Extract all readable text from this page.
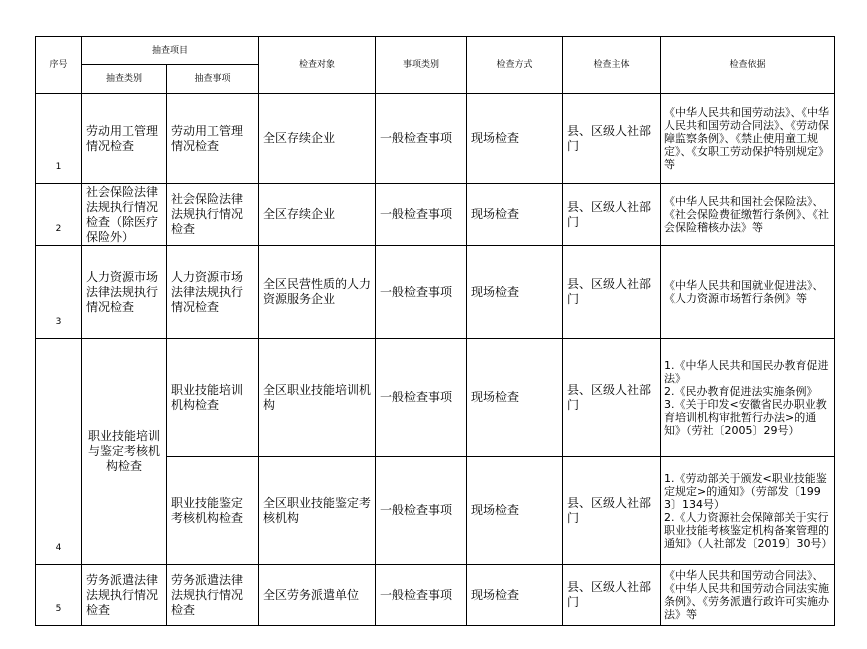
序号	抽查项目		检查对象	事项类别	检查方式	检查主体	检查依据
	抽查类别	抽查事项					
1	劳动用工管理情况检查	劳动用工管理情况检查	全区存续企业	一般检查事项	现场检查	县、区级人社部门	《中华人民共和国劳动法》、《中华人民共和国劳动合同法》、《劳动保障监察条例》、《禁止使用童工规定》、《女职工劳动保护特别规定》等

2	社会保险法律法规执行情况检查（除医疗保险外）	社会保险法律法规执行情况检查	全区存续企业	一般检查事项	现场检查	县、区级人社部门	《中华人民共和国社会保险法》、《社会保险费征缴暂行条例》、《社会保险稽核办法》等

3	人力资源市场法律法规执行情况检查	人力资源市场法律法规执行情况检查	全区民营性质的人力资源服务企业	一般检查事项	现场检查	县、区级人社部门	《中华人民共和国就业促进法》、《人力资源市场暂行条例》等

4	职业技能培训与鉴定考核机构检查	职业技能培训机构检查	全区职业技能培训机构	一般检查事项	现场检查	县、区级人社部门	1.《中华人民共和国民办教育促进法》
2.《民办教育促进法实施条例》
3.《关于印发<安徽省民办职业教育培训机构审批暂行办法>的通知》（劳社〔2005〕29号）

		职业技能鉴定考核机构检查	全区职业技能鉴定考核机构	一般检查事项	现场检查	县、区级人社部门	1.《劳动部关于颁发<职业技能鉴定规定>的通知》（劳部发〔1993〕134号）
2.《人力资源社会保障部关于实行职业技能考核鉴定机构备案管理的通知》（人社部发〔2019〕30号）

5	劳务派遣法律法规执行情况检查	劳务派遣法律法规执行情况检查	全区劳务派遣单位	一般检查事项	现场检查	县、区级人社部门	《中华人民共和国劳动合同法》、《中华人民共和国劳动合同法实施条例》、《劳务派遣行政许可实施办法》等
